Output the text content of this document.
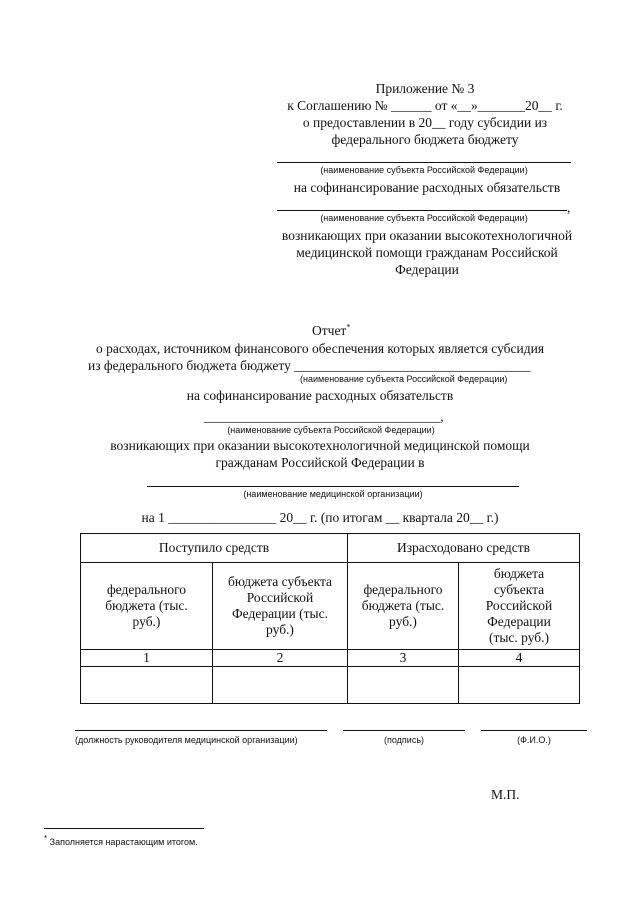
Приложение № 3
к Соглашению № ______ от «__»_______20__ г.
о предоставлении в 20__ году субсидии из
федерального бюджета бюджету
(наименование субъекта Российской Федерации)
на софинансирование расходных обязательств
,
(наименование субъекта Российской Федерации)
возникающих при оказании высокотехнологичной
медицинской помощи гражданам Российской
Федерации
Отчет*
о расходах, источником финансового обеспечения которых является субсидия
из федерального бюджета бюджету ___________________________________
(наименование субъекта Российской Федерации)
на софинансирование расходных обязательств
___________________________________,
(наименование субъекта Российской Федерации)
возникающих при оказании высокотехнологичной медицинской помощи
гражданам Российской Федерации в
(наименование медицинской организации)
на 1 ________________ 20__ г. (по итогам __ квартала 20__ г.)
Поступило средств		Израсходовано средств	
федерального бюджета (тыс. руб.)	бюджета субъекта Российской Федерации (тыс. руб.)	федерального бюджета (тыс. руб.)	бюджета субъекта Российской Федерации (тыс. руб.)
1	2	3	4

(должность руководителя медицинской организации)	(подпись)	(Ф.И.О.)
М.П.
* Заполняется нарастающим итогом.
